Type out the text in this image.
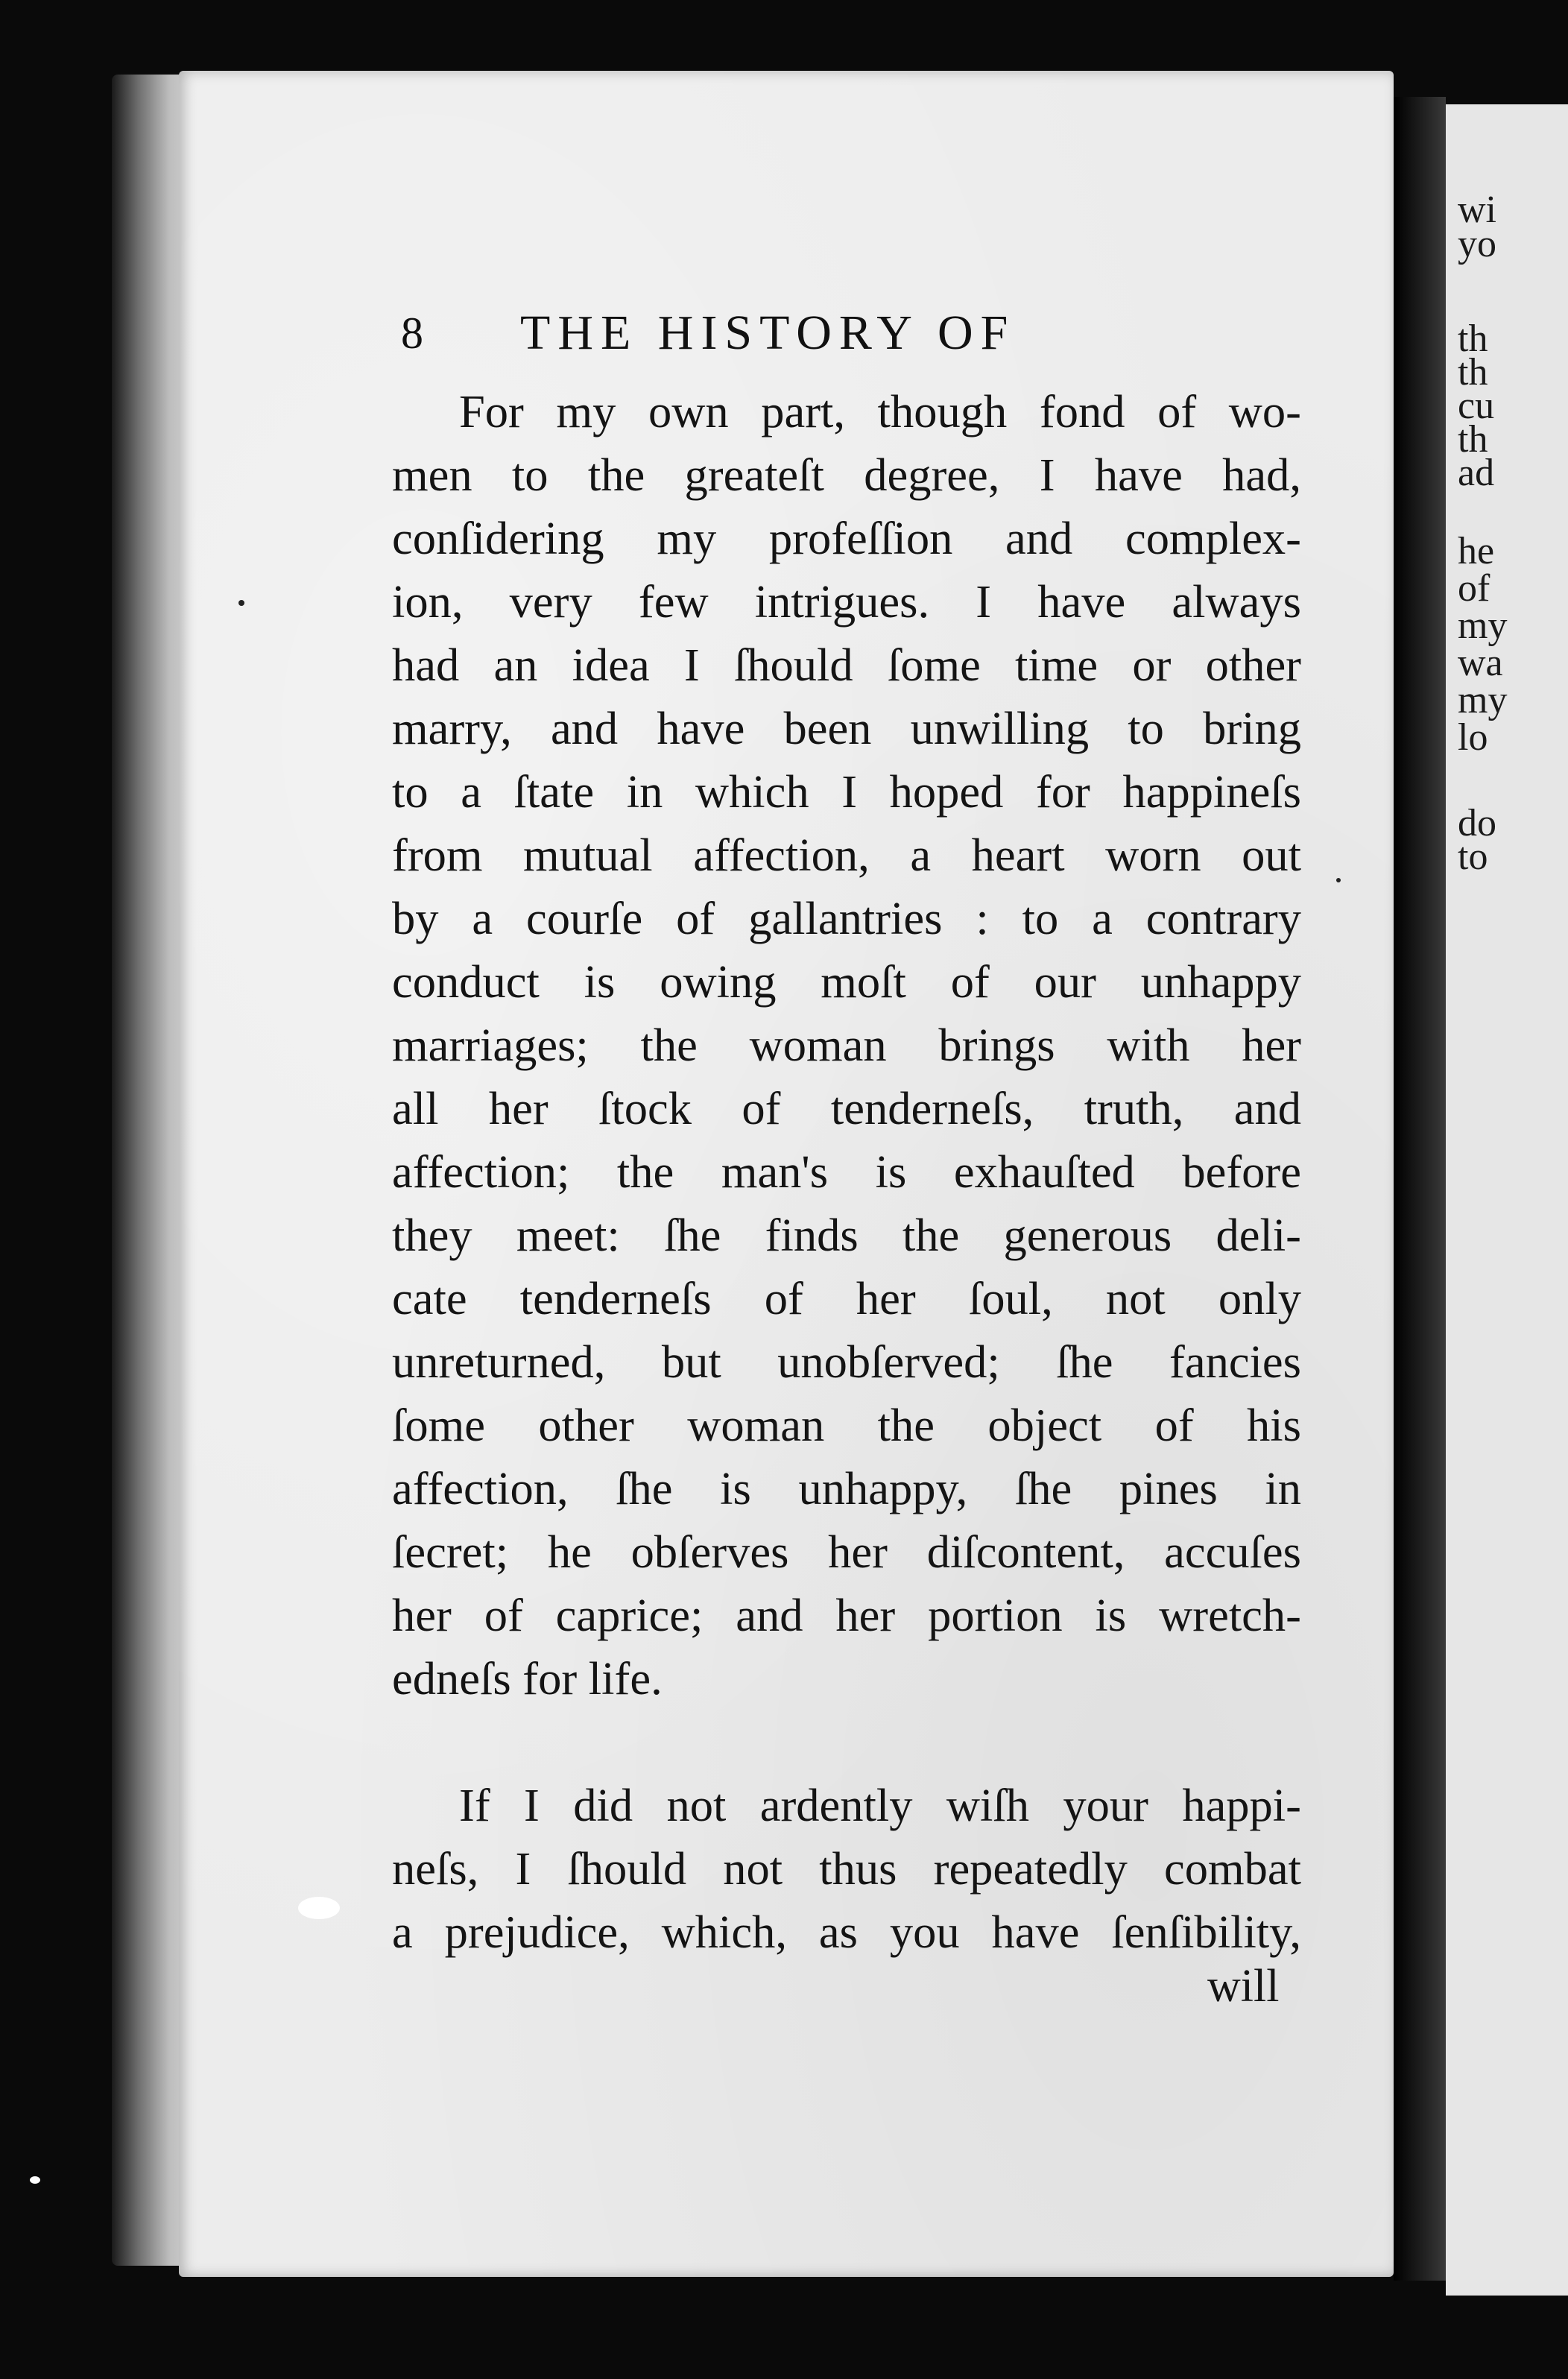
wi
yo
th
th
cu
th
ad
he
of
my
wa
my
lo
do
to
8 THE HISTORY OF
For my own part, though fond of wo-
men to the greateſt degree, I have had,
conſidering my profeſſion and complex-
ion, very few intrigues. I have always
had an idea I ſhould ſome time or other
marry, and have been unwilling to bring
to a ſtate in which I hoped for happineſs
from mutual affection, a heart worn out
by a courſe of gallantries : to a contrary
conduct is owing moſt of our unhappy
marriages; the woman brings with her
all her ſtock of tenderneſs, truth, and
affection; the man's is exhauſted before
they meet: ſhe finds the generous deli-
cate tenderneſs of her ſoul, not only
unreturned, but unobſerved; ſhe fancies
ſome other woman the object of his
affection, ſhe is unhappy, ſhe pines in
ſecret; he obſerves her diſcontent, accuſes
her of caprice; and her portion is wretch-
edneſs for life.
If I did not ardently wiſh your happi-
neſs, I ſhould not thus repeatedly combat
a prejudice, which, as you have ſenſibility,
will
